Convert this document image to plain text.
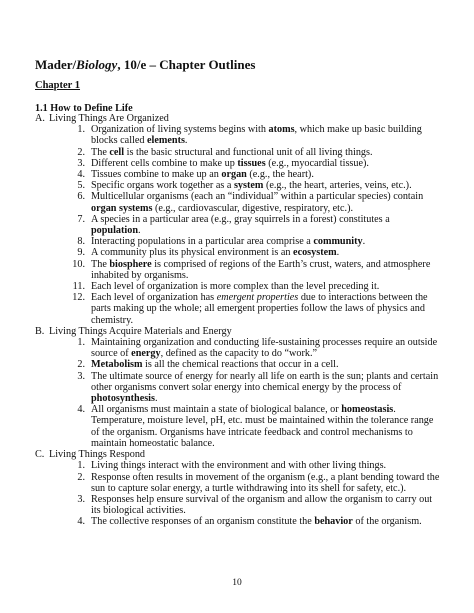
Mader/Biology, 10/e – Chapter Outlines
Chapter 1
1.1 How to Define Life
A. Living Things Are Organized
1. Organization of living systems begins with atoms, which make up basic building blocks called elements.
2. The cell is the basic structural and functional unit of all living things.
3. Different cells combine to make up tissues (e.g., myocardial tissue).
4. Tissues combine to make up an organ (e.g., the heart).
5. Specific organs work together as a system (e.g., the heart, arteries, veins, etc.).
6. Multicellular organisms (each an “individual” within a particular species) contain organ systems (e.g., cardiovascular, digestive, respiratory, etc.).
7. A species in a particular area (e.g., gray squirrels in a forest) constitutes a population.
8. Interacting populations in a particular area comprise a community.
9. A community plus its physical environment is an ecosystem.
10. The biosphere is comprised of regions of the Earth’s crust, waters, and atmosphere inhabited by organisms.
11. Each level of organization is more complex than the level preceding it.
12. Each level of organization has emergent properties due to interactions between the parts making up the whole; all emergent properties follow the laws of physics and chemistry.
B. Living Things Acquire Materials and Energy
1. Maintaining organization and conducting life-sustaining processes require an outside source of energy, defined as the capacity to do “work.”
2. Metabolism is all the chemical reactions that occur in a cell.
3. The ultimate source of energy for nearly all life on earth is the sun; plants and certain other organisms convert solar energy into chemical energy by the process of photosynthesis.
4. All organisms must maintain a state of biological balance, or homeostasis. Temperature, moisture level, pH, etc. must be maintained within the tolerance range of the organism. Organisms have intricate feedback and control mechanisms to maintain homeostatic balance.
C. Living Things Respond
1. Living things interact with the environment and with other living things.
2. Response often results in movement of the organism (e.g., a plant bending toward the sun to capture solar energy, a turtle withdrawing into its shell for safety, etc.).
3. Responses help ensure survival of the organism and allow the organism to carry out its biological activities.
4. The collective responses of an organism constitute the behavior of the organism.
10
